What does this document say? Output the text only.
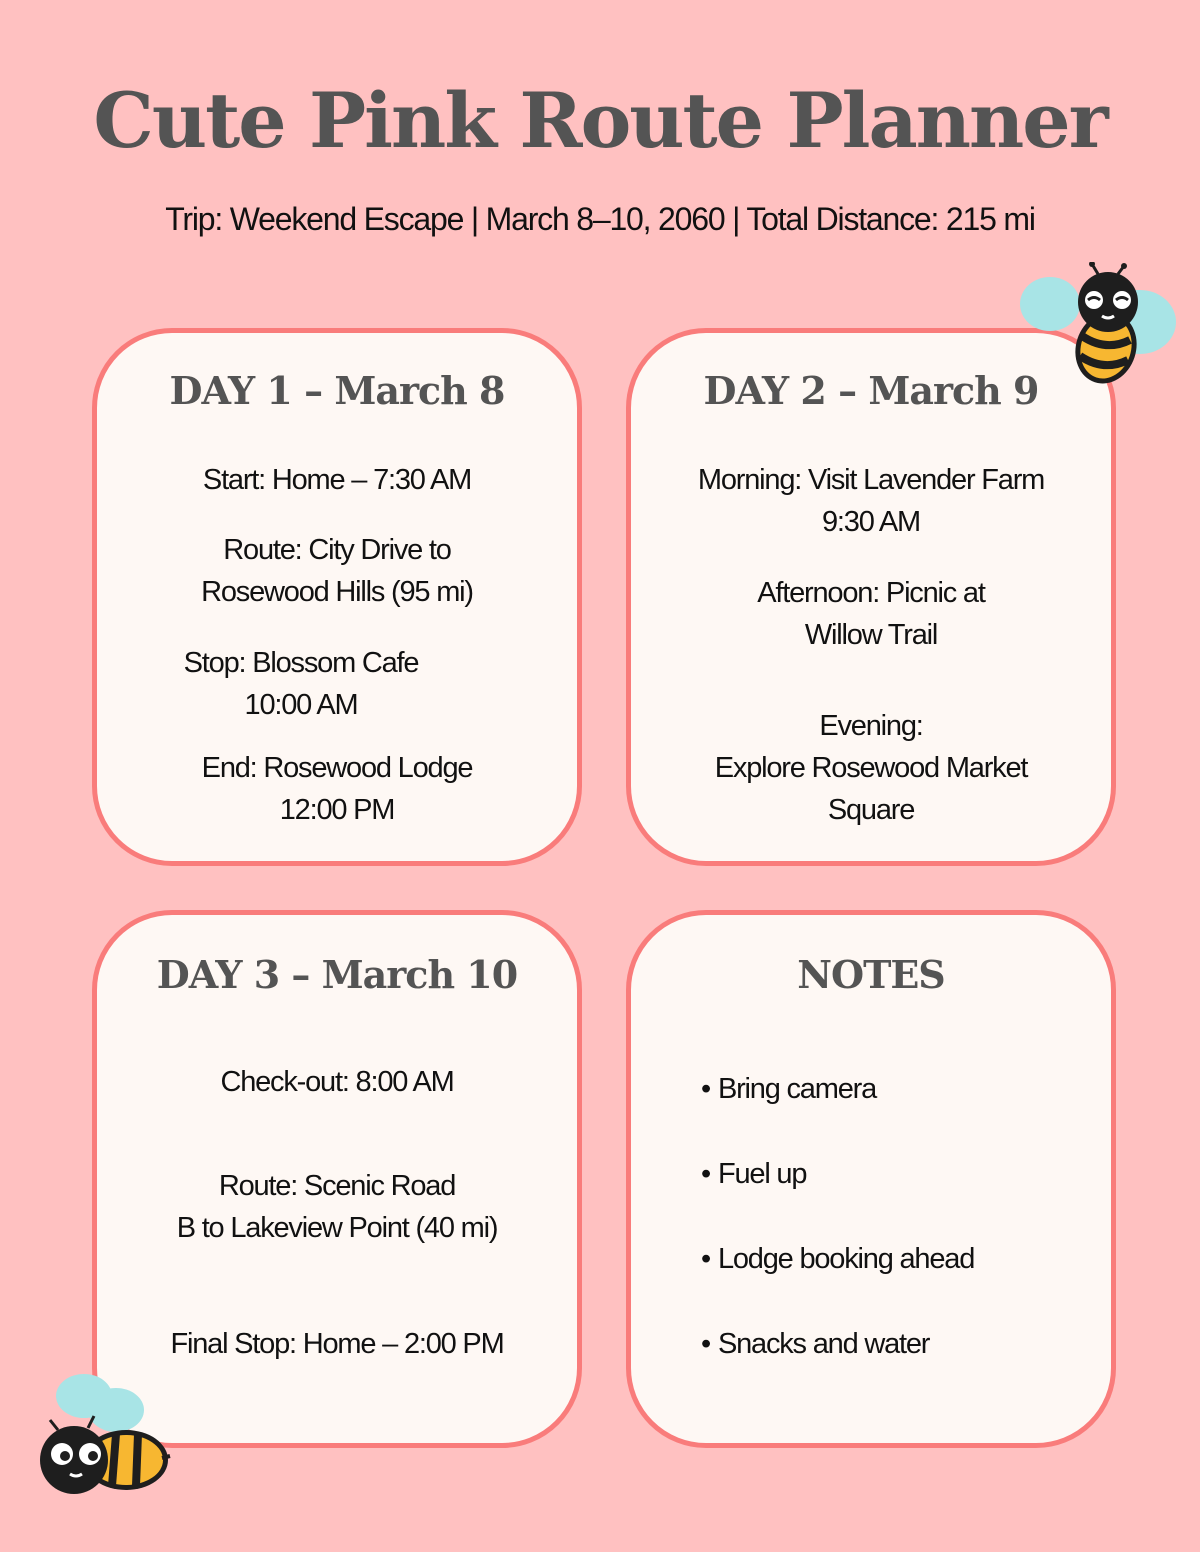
Cute Pink Route Planner
Trip: Weekend Escape | March 8–10, 2060 | Total Distance: 215 mi
DAY 1 – March 8
Start: Home – 7:30 AM
Route: City Drive to
Rosewood Hills (95 mi)
Stop: Blossom Cafe
10:00 AM
End: Rosewood Lodge
12:00 PM
DAY 2 – March 9
Morning: Visit Lavender Farm
9:30 AM
Afternoon: Picnic at
Willow Trail
Evening:
Explore Rosewood Market
Square
DAY 3 – March 10
Check-out: 8:00 AM
Route: Scenic Road
B to Lakeview Point (40 mi)
Final Stop: Home – 2:00 PM
NOTES
• Bring camera
• Fuel up
• Lodge booking ahead
• Snacks and water
